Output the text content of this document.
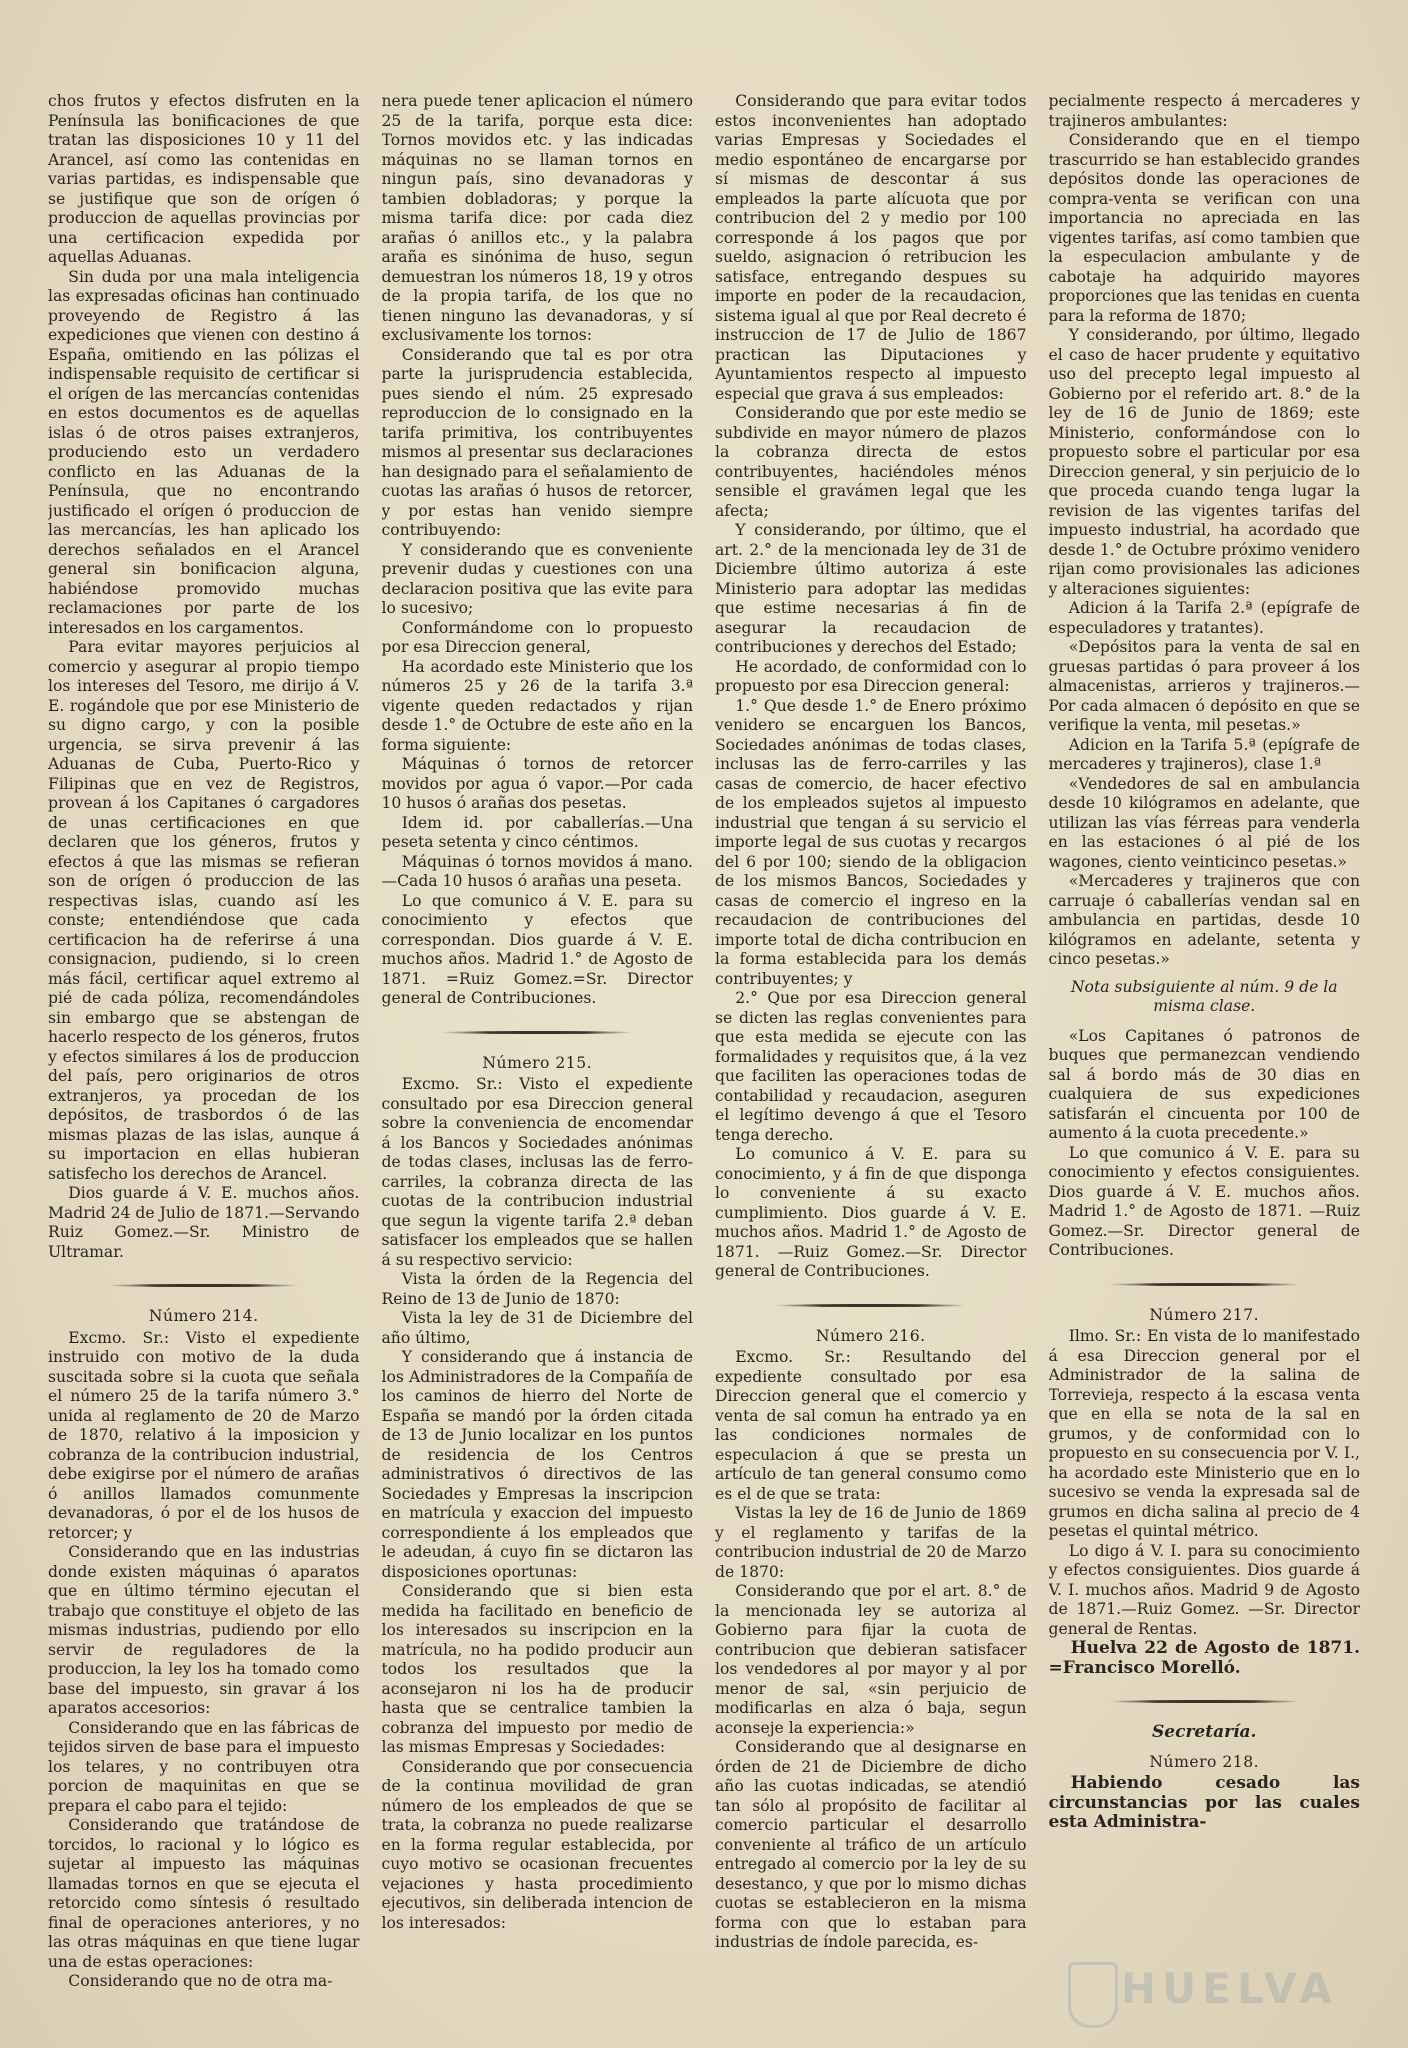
chos frutos y efectos disfruten en la Península las bonificaciones de que tratan las disposiciones 10 y 11 del Arancel, así como las contenidas en varias partidas, es indispensable que se justifique que son de orígen ó produccion de aquellas provincias por una certificacion expedida por aquellas Aduanas.

Sin duda por una mala inteligencia las expresadas oficinas han continuado proveyendo de Registro á las expediciones que vienen con destino á España, omitiendo en las pólizas el indispensable requisito de certificar si el orígen de las mercancías contenidas en estos documentos es de aquellas islas ó de otros paises extranjeros, produciendo esto un verdadero conflicto en las Aduanas de la Península, que no encontrando justificado el orígen ó produccion de las mercancías, les han aplicado los derechos señalados en el Arancel general sin bonificacion alguna, habiéndose promovido muchas reclamaciones por parte de los interesados en los cargamentos.

Para evitar mayores perjuicios al comercio y asegurar al propio tiempo los intereses del Tesoro, me dirijo á V. E. rogándole que por ese Ministerio de su digno cargo, y con la posible urgencia, se sirva prevenir á las Aduanas de Cuba, Puerto-Rico y Filipinas que en vez de Registros, provean á los Capitanes ó cargadores de unas certificaciones en que declaren que los géneros, frutos y efectos á que las mismas se refieran son de orígen ó produccion de las respectivas islas, cuando así les conste; entendiéndose que cada certificacion ha de referirse á una consignacion, pudiendo, si lo creen más fácil, certificar aquel extremo al pié de cada póliza, recomendándoles sin embargo que se abstengan de hacerlo respecto de los géneros, frutos y efectos similares á los de produccion del país, pero originarios de otros extranjeros, ya procedan de los depósitos, de trasbordos ó de las mismas plazas de las islas, aunque á su importacion en ellas hubieran satisfecho los derechos de Arancel.

Dios guarde á V. E. muchos años. Madrid 24 de Julio de 1871.—Servando Ruiz Gomez.—Sr. Ministro de Ultramar.

Número 214.

Excmo. Sr.: Visto el expediente instruido con motivo de la duda suscitada sobre si la cuota que señala el número 25 de la tarifa número 3.° unida al reglamento de 20 de Marzo de 1870, relativo á la imposicion y cobranza de la contribucion industrial, debe exigirse por el número de arañas ó anillos llamados comunmente devanadoras, ó por el de los husos de retorcer; y

Considerando que en las industrias donde existen máquinas ó aparatos que en último término ejecutan el trabajo que constituye el objeto de las mismas industrias, pudiendo por ello servir de reguladores de la produccion, la ley los ha tomado como base del impuesto, sin gravar á los aparatos accesorios:

Considerando que en las fábricas de tejidos sirven de base para el impuesto los telares, y no contribuyen otra porcion de maquinitas en que se prepara el cabo para el tejido:

Considerando que tratándose de torcidos, lo racional y lo lógico es sujetar al impuesto las máquinas llamadas tornos en que se ejecuta el retorcido como síntesis ó resultado final de operaciones anteriores, y no las otras máquinas en que tiene lugar una de estas operaciones:

Considerando que no de otra ma-

nera puede tener aplicacion el número 25 de la tarifa, porque esta dice: Tornos movidos etc. y las indicadas máquinas no se llaman tornos en ningun país, sino devanadoras y tambien dobladoras; y porque la misma tarifa dice: por cada diez arañas ó anillos etc., y la palabra araña es sinónima de huso, segun demuestran los números 18, 19 y otros de la propia tarifa, de los que no tienen ninguno las devanadoras, y sí exclusivamente los tornos:

Considerando que tal es por otra parte la jurisprudencia establecida, pues siendo el núm. 25 expresado reproduccion de lo consignado en la tarifa primitiva, los contribuyentes mismos al presentar sus declaraciones han designado para el señalamiento de cuotas las arañas ó husos de retorcer, y por estas han venido siempre contribuyendo:

Y considerando que es conveniente prevenir dudas y cuestiones con una declaracion positiva que las evite para lo sucesivo;

Conformándome con lo propuesto por esa Direccion general,

Ha acordado este Ministerio que los números 25 y 26 de la tarifa 3.ª vigente queden redactados y rijan desde 1.° de Octubre de este año en la forma siguiente:

Máquinas ó tornos de retorcer movidos por agua ó vapor.—Por cada 10 husos ó arañas dos pesetas.

Idem id. por caballerías.—Una peseta setenta y cinco céntimos.

Máquinas ó tornos movidos á mano.—Cada 10 husos ó arañas una peseta.

Lo que comunico á V. E. para su conocimiento y efectos que correspondan. Dios guarde á V. E. muchos años. Madrid 1.° de Agosto de 1871. =Ruiz Gomez.=Sr. Director general de Contribuciones.

Número 215.

Excmo. Sr.: Visto el expediente consultado por esa Direccion general sobre la conveniencia de encomendar á los Bancos y Sociedades anónimas de todas clases, inclusas las de ferro-carriles, la cobranza directa de las cuotas de la contribucion industrial que segun la vigente tarifa 2.ª deban satisfacer los empleados que se hallen á su respectivo servicio:

Vista la órden de la Regencia del Reino de 13 de Junio de 1870:

Vista la ley de 31 de Diciembre del año último,

Y considerando que á instancia de los Administradores de la Compañía de los caminos de hierro del Norte de España se mandó por la órden citada de 13 de Junio localizar en los puntos de residencia de los Centros administrativos ó directivos de las Sociedades y Empresas la inscripcion en matrícula y exaccion del impuesto correspondiente á los empleados que le adeudan, á cuyo fin se dictaron las disposiciones oportunas:

Considerando que si bien esta medida ha facilitado en beneficio de los interesados su inscripcion en la matrícula, no ha podido producir aun todos los resultados que la aconsejaron ni los ha de producir hasta que se centralice tambien la cobranza del impuesto por medio de las mismas Empresas y Sociedades:

Considerando que por consecuencia de la continua movilidad de gran número de los empleados de que se trata, la cobranza no puede realizarse en la forma regular establecida, por cuyo motivo se ocasionan frecuentes vejaciones y hasta procedimiento ejecutivos, sin deliberada intencion de los interesados:

Considerando que para evitar todos estos inconvenientes han adoptado varias Empresas y Sociedades el medio espontáneo de encargarse por sí mismas de descontar á sus empleados la parte alícuota que por contribucion del 2 y medio por 100 corresponde á los pagos que por sueldo, asignacion ó retribucion les satisface, entregando despues su importe en poder de la recaudacion, sistema igual al que por Real decreto é instruccion de 17 de Julio de 1867 practican las Diputaciones y Ayuntamientos respecto al impuesto especial que grava á sus empleados:

Considerando que por este medio se subdivide en mayor número de plazos la cobranza directa de estos contribuyentes, haciéndoles ménos sensible el gravámen legal que les afecta;

Y considerando, por último, que el art. 2.° de la mencionada ley de 31 de Diciembre último autoriza á este Ministerio para adoptar las medidas que estime necesarias á fin de asegurar la recaudacion de contribuciones y derechos del Estado;

He acordado, de conformidad con lo propuesto por esa Direccion general:

1.° Que desde 1.° de Enero próximo venidero se encarguen los Bancos, Sociedades anónimas de todas clases, inclusas las de ferro-carriles y las casas de comercio, de hacer efectivo de los empleados sujetos al impuesto industrial que tengan á su servicio el importe legal de sus cuotas y recargos del 6 por 100; siendo de la obligacion de los mismos Bancos, Sociedades y casas de comercio el ingreso en la recaudacion de contribuciones del importe total de dicha contribucion en la forma establecida para los demás contribuyentes; y

2.° Que por esa Direccion general se dicten las reglas convenientes para que esta medida se ejecute con las formalidades y requisitos que, á la vez que faciliten las operaciones todas de contabilidad y recaudacion, aseguren el legítimo devengo á que el Tesoro tenga derecho.

Lo comunico á V. E. para su conocimiento, y á fin de que disponga lo conveniente á su exacto cumplimiento. Dios guarde á V. E. muchos años. Madrid 1.° de Agosto de 1871. —Ruiz Gomez.—Sr. Director general de Contribuciones.

Número 216.

Excmo. Sr.: Resultando del expediente consultado por esa Direccion general que el comercio y venta de sal comun ha entrado ya en las condiciones normales de especulacion á que se presta un artículo de tan general consumo como es el de que se trata:

Vistas la ley de 16 de Junio de 1869 y el reglamento y tarifas de la contribucion industrial de 20 de Marzo de 1870:

Considerando que por el art. 8.° de la mencionada ley se autoriza al Gobierno para fijar la cuota de contribucion que debieran satisfacer los vendedores al por mayor y al por menor de sal, «sin perjuicio de modificarlas en alza ó baja, segun aconseje la experiencia:»

Considerando que al designarse en órden de 21 de Diciembre de dicho año las cuotas indicadas, se atendió tan sólo al propósito de facilitar al comercio particular el desarrollo conveniente al tráfico de un artículo entregado al comercio por la ley de su desestanco, y que por lo mismo dichas cuotas se establecieron en la misma forma con que lo estaban para industrias de índole parecida, es-

pecialmente respecto á mercaderes y trajineros ambulantes:

Considerando que en el tiempo trascurrido se han establecido grandes depósitos donde las operaciones de compra-venta se verifican con una importancia no apreciada en las vigentes tarifas, así como tambien que la especulacion ambulante y de cabotaje ha adquirido mayores proporciones que las tenidas en cuenta para la reforma de 1870;

Y considerando, por último, llegado el caso de hacer prudente y equitativo uso del precepto legal impuesto al Gobierno por el referido art. 8.° de la ley de 16 de Junio de 1869; este Ministerio, conformándose con lo propuesto sobre el particular por esa Direccion general, y sin perjuicio de lo que proceda cuando tenga lugar la revision de las vigentes tarifas del impuesto industrial, ha acordado que desde 1.° de Octubre próximo venidero rijan como provisionales las adiciones y alteraciones siguientes:

Adicion á la Tarifa 2.ª (epígrafe de especuladores y tratantes).

«Depósitos para la venta de sal en gruesas partidas ó para proveer á los almacenistas, arrieros y trajineros.—Por cada almacen ó depósito en que se verifique la venta, mil pesetas.»

Adicion en la Tarifa 5.ª (epígrafe de mercaderes y trajineros), clase 1.ª

«Vendedores de sal en ambulancia desde 10 kilógramos en adelante, que utilizan las vías férreas para venderla en las estaciones ó al pié de los wagones, ciento veinticinco pesetas.»

«Mercaderes y trajineros que con carruaje ó caballerías vendan sal en ambulancia en partidas, desde 10 kilógramos en adelante, setenta y cinco pesetas.»

Nota subsiguiente al núm. 9 de la misma clase.

«Los Capitanes ó patronos de buques que permanezcan vendiendo sal á bordo más de 30 dias en cualquiera de sus expediciones satisfarán el cincuenta por 100 de aumento á la cuota precedente.»

Lo que comunico á V. E. para su conocimiento y efectos consiguientes. Dios guarde á V. E. muchos años. Madrid 1.° de Agosto de 1871. —Ruiz Gomez.—Sr. Director general de Contribuciones.

Número 217.

Ilmo. Sr.: En vista de lo manifestado á esa Direccion general por el Administrador de la salina de Torrevieja, respecto á la escasa venta que en ella se nota de la sal en grumos, y de conformidad con lo propuesto en su consecuencia por V. I., ha acordado este Ministerio que en lo sucesivo se venda la expresada sal de grumos en dicha salina al precio de 4 pesetas el quintal métrico.

Lo digo á V. I. para su conocimiento y efectos consiguientes. Dios guarde á V. I. muchos años. Madrid 9 de Agosto de 1871.—Ruiz Gomez. —Sr. Director general de Rentas.

Huelva 22 de Agosto de 1871. =Francisco Morelló.

Secretaría.

Número 218.

Habiendo cesado las circunstancias por las cuales esta Administra-

HUELVA
